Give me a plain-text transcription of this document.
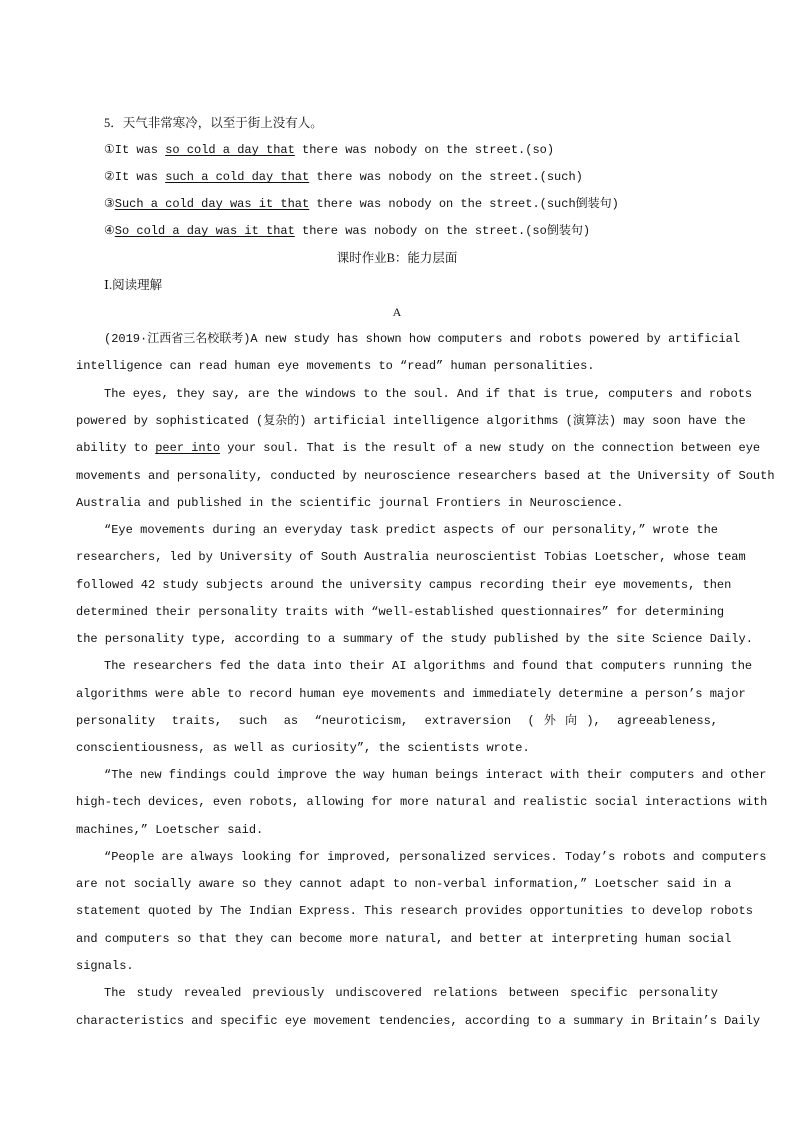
5．天气非常寒冷，以至于街上没有人。
①It was so cold a day that there was nobody on the street.(so)
②It was such a cold day that there was nobody on the street.(such)
③Such a cold day was it that there was nobody on the street.(such倒装句)
④So cold a day was it that there was nobody on the street.(so倒装句)
课时作业B：能力层面
Ⅰ.阅读理解
A
(2019·江西省三名校联考)A new study has shown how computers and robots powered by artificial
intelligence can read human eye movements to “read” human personalities.
The eyes, they say, are the windows to the soul. And if that is true, computers and robots
powered by sophisticated (复杂的) artificial intelligence algorithms (演算法) may soon have the
ability to peer into your soul. That is the result of a new study on the connection between eye
movements and personality, conducted by neuroscience researchers based at the University of South
Australia and published in the scientific journal Frontiers in Neuroscience.
“Eye movements during an everyday task predict aspects of our personality,” wrote the
researchers, led by University of South Australia neuroscientist Tobias Loetscher, whose team
followed 42 study subjects around the university campus recording their eye movements, then
determined their personality traits with “well-established questionnaires” for determining
the personality type, according to a summary of the study published by the site Science Daily.
The researchers fed the data into their AI algorithms and found that computers running the
algorithms were able to record human eye movements and immediately determine a person’s major
personality traits, such as “neuroticism, extraversion (外向), agreeableness,
conscientiousness, as well as curiosity”, the scientists wrote.
“The new findings could improve the way human beings interact with their computers and other
high-tech devices, even robots, allowing for more natural and realistic social interactions with
machines,” Loetscher said.
“People are always looking for improved, personalized services. Today’s robots and computers
are not socially aware so they cannot adapt to non-verbal information,” Loetscher said in a
statement quoted by The Indian Express. This research provides opportunities to develop robots
and computers so that they can become more natural, and better at interpreting human social
signals.
The study revealed previously undiscovered relations between specific personality
characteristics and specific eye movement tendencies, according to a summary in Britain’s Daily
